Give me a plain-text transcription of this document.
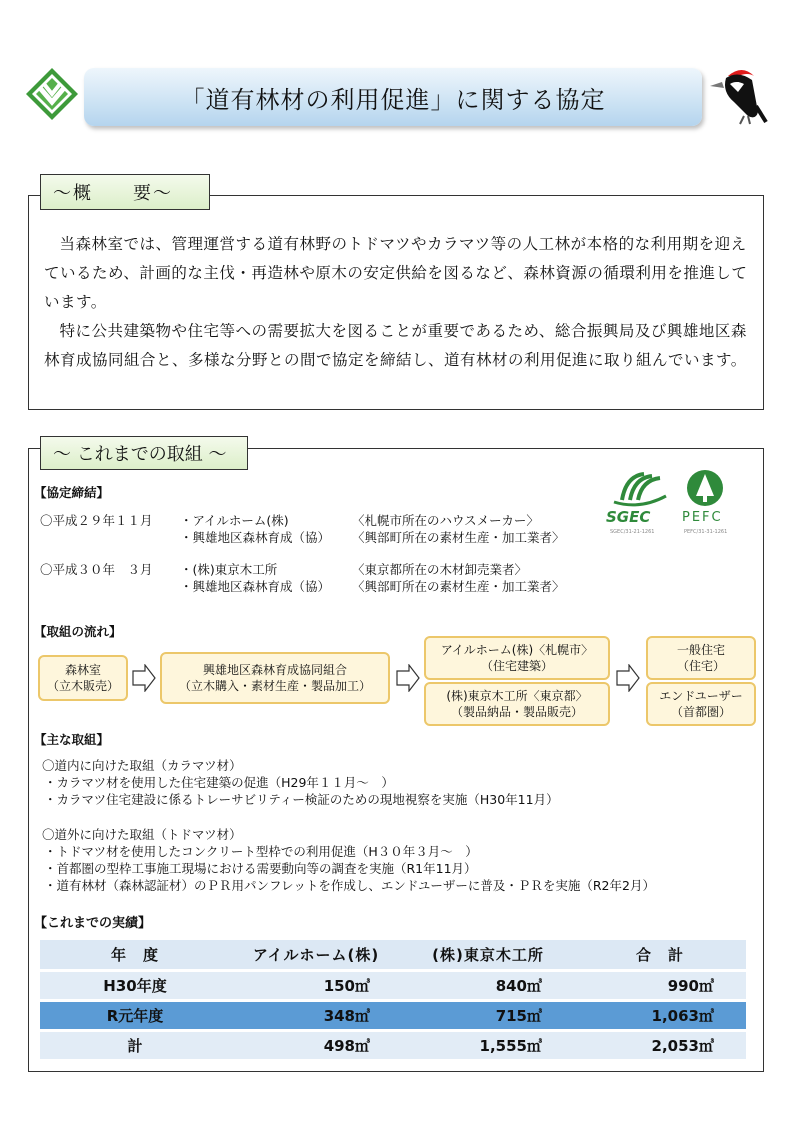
「道有林材の利用促進」に関する協定
～概　　要～

当森林室では、管理運営する道有林野のトドマツやカラマツ等の人工林が本格的な利用期を迎えているため、計画的な主伐・再造林や原木の安定供給を図るなど、森林資源の循環利用を推進しています。

特に公共建築物や住宅等への需要拡大を図ることが重要であるため、総合振興局及び興雄地区森林育成協同組合と、多様な分野との間で協定を締結し、道有林材の利用促進に取り組んでいます。

～ これまでの取組 ～
【協定締結】
〇平成２９年１１月 ・アイルホーム(株)	〈札幌市所在のハウスメーカー〉
・興雄地区森林育成（協） 〈興部町所在の素材生産・加工業者〉
〇平成３０年　３月 ・(株)東京木工所	〈東京都所在の木材卸売業者〉
・興雄地区森林育成（協） 〈興部町所在の素材生産・加工業者〉
SGEC PEFC
SGEC/31-21-1261	PEFC/31-31-1261
【取組の流れ】
森林室
（立木販売）
興雄地区森林育成協同組合
（立木購入・素材生産・製品加工）
アイルホーム(株)〈札幌市〉
（住宅建築）
(株)東京木工所〈東京都〉
（製品納品・製品販売）
一般住宅
（住宅）
エンドユーザー
（首都圏）
【主な取組】
〇道内に向けた取組（カラマツ材）
・カラマツ材を使用した住宅建築の促進（H29年１１月～　）
・カラマツ住宅建設に係るトレーサビリティー検証のための現地視察を実施（H30年11月）
〇道外に向けた取組（トドマツ材）
・トドマツ材を使用したコンクリート型枠での利用促進（H３０年３月～　）
・首都圏の型枠工事施工現場における需要動向等の調査を実施（R1年11月）
・道有林材（森林認証材）のＰＲ用パンフレットを作成し、エンドユーザーに普及・ＰＲを実施（R2年2月）
【これまでの実績】
年　度	アイルホーム(株)	(株)東京木工所	合　計
H30年度	150㎥	840㎥	990㎥
R元年度	348㎥	715㎥	1,063㎥
計	498㎥	1,555㎥	2,053㎥
